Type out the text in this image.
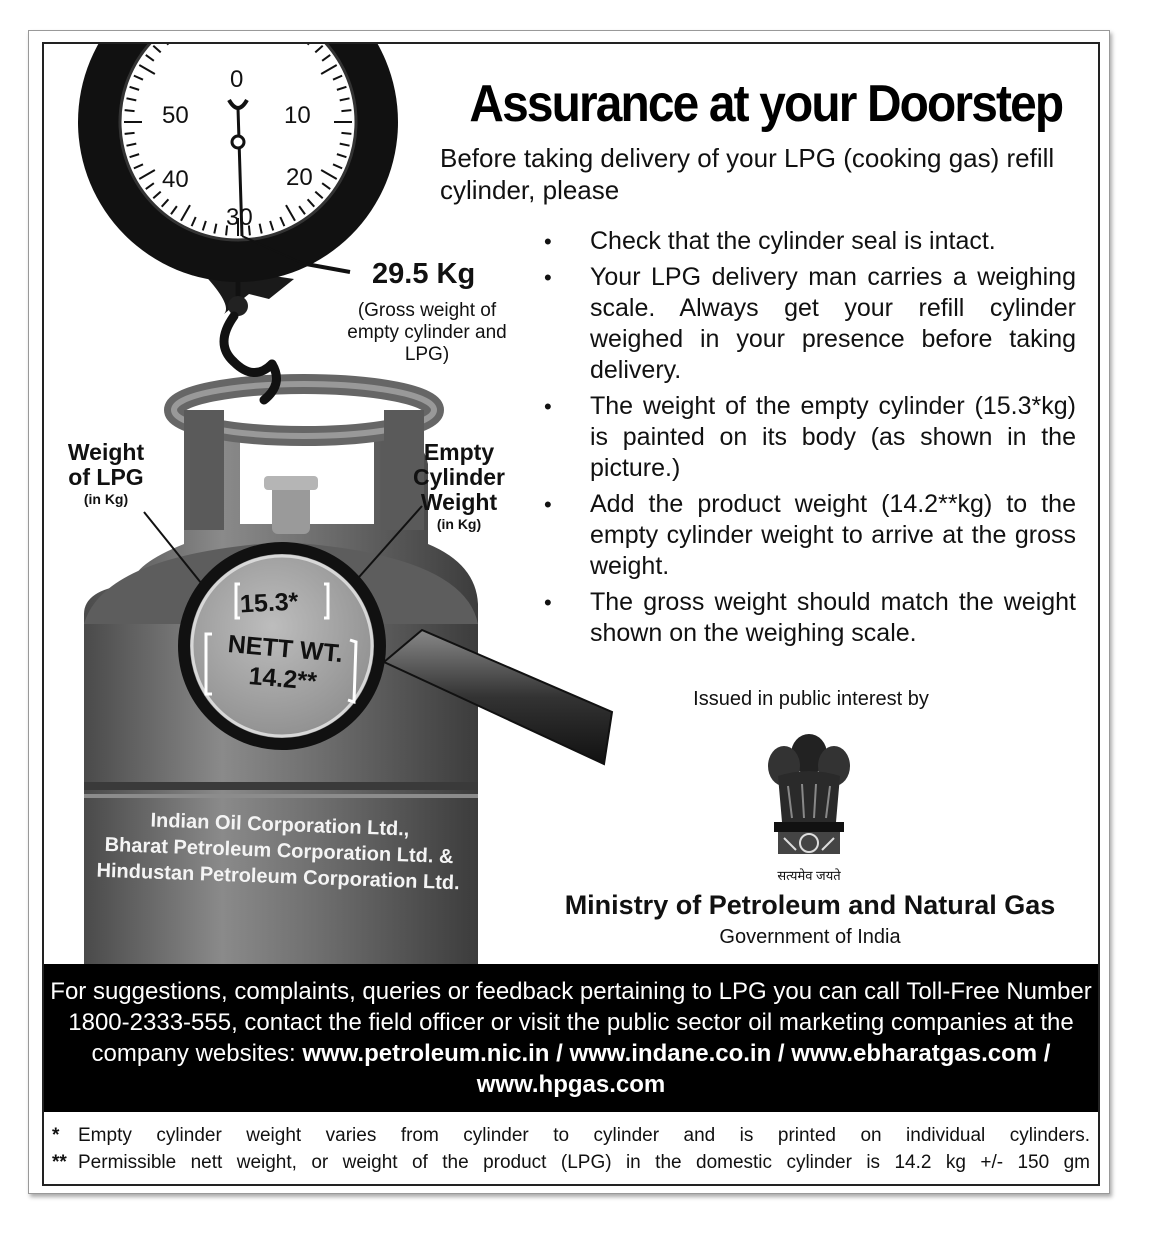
0
10
20
30
40
50
29.5 Kg
(Gross weight of empty cylinder and LPG)
Weight of LPG
(in Kg)
Empty Cylinder Weight
(in Kg)
15.3*
NETT WT.
14.2**
Indian Oil Corporation Ltd.,
Bharat Petroleum Corporation Ltd. &
Hindustan Petroleum Corporation Ltd.
Assurance at your Doorstep
Before taking delivery of your LPG (cooking gas) refill cylinder, please
• Check that the cylinder seal is intact.
• Your LPG delivery man carries a weighing scale. Always get your refill cylinder weighed in your presence before taking delivery.
• The weight of the empty cylinder (15.3*kg) is painted on its body (as shown in the picture.)
• Add the product weight (14.2**kg) to the empty cylinder weight to arrive at the gross weight.
• The gross weight should match the weight shown on the weighing scale.
Issued in public interest by
सत्यमेव जयते
Ministry of Petroleum and Natural Gas
Government of India
For suggestions, complaints, queries or feedback pertaining to LPG you can call Toll-Free Number 1800-2333-555, contact the field officer or visit the public sector oil marketing companies at the company websites: www.petroleum.nic.in / www.indane.co.in / www.ebharatgas.com / www.hpgas.com
* Empty cylinder weight varies from cylinder to cylinder and is printed on individual cylinders.
** Permissible nett weight, or weight of the product (LPG) in the domestic cylinder is 14.2 kg +/- 150 gm
